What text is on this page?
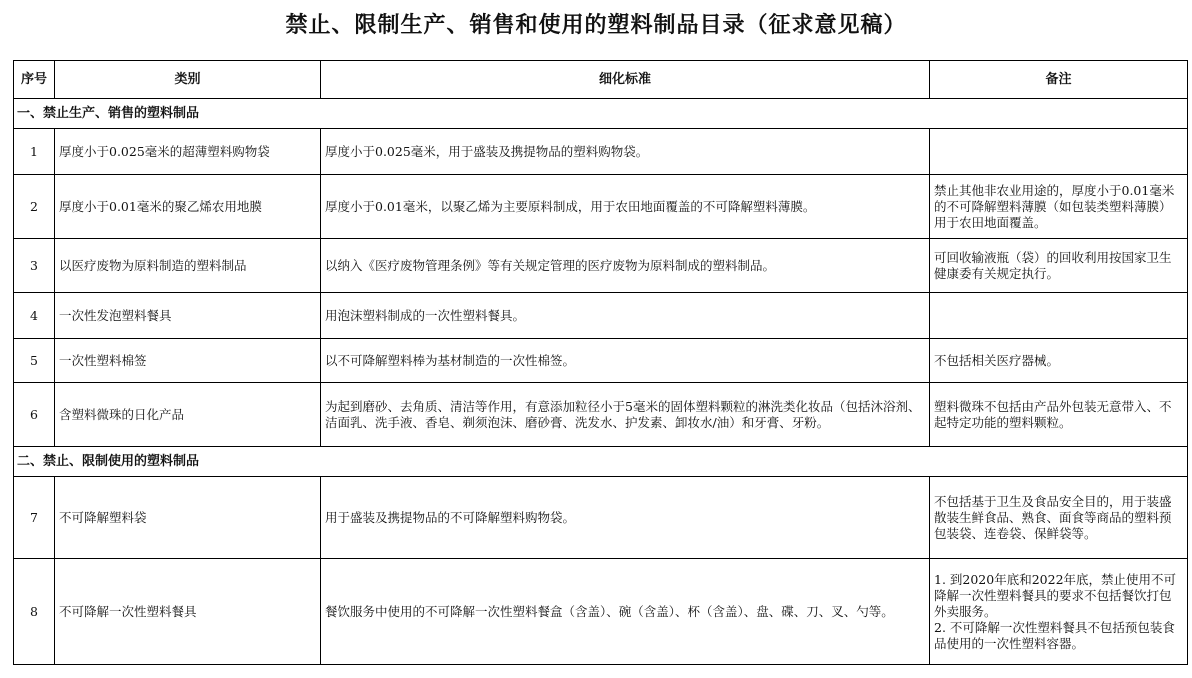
禁止、限制生产、销售和使用的塑料制品目录（征求意见稿）
序号	类别	细化标准	备注
一、禁止生产、销售的塑料制品			
1	厚度小于0.025毫米的超薄塑料购物袋	厚度小于0.025毫米，用于盛装及携提物品的塑料购物袋。	
2	厚度小于0.01毫米的聚乙烯农用地膜	厚度小于0.01毫米，以聚乙烯为主要原料制成，用于农田地面覆盖的不可降解塑料薄膜。	禁止其他非农业用途的，厚度小于0.01毫米的不可降解塑料薄膜（如包装类塑料薄膜）用于农田地面覆盖。
3	以医疗废物为原料制造的塑料制品	以纳入《医疗废物管理条例》等有关规定管理的医疗废物为原料制成的塑料制品。	可回收输液瓶（袋）的回收利用按国家卫生健康委有关规定执行。
4	一次性发泡塑料餐具	用泡沫塑料制成的一次性塑料餐具。	
5	一次性塑料棉签	以不可降解塑料棒为基材制造的一次性棉签。	不包括相关医疗器械。
6	含塑料微珠的日化产品	为起到磨砂、去角质、清洁等作用，有意添加粒径小于5毫米的固体塑料颗粒的淋洗类化妆品（包括沐浴剂、洁面乳、洗手液、香皂、剃须泡沫、磨砂膏、洗发水、护发素、卸妆水/油）和牙膏、牙粉。	塑料微珠不包括由产品外包装无意带入、不起特定功能的塑料颗粒。
二、禁止、限制使用的塑料制品			
7	不可降解塑料袋	用于盛装及携提物品的不可降解塑料购物袋。	不包括基于卫生及食品安全目的，用于装盛散装生鲜食品、熟食、面食等商品的塑料预包装袋、连卷袋、保鲜袋等。
8	不可降解一次性塑料餐具	餐饮服务中使用的不可降解一次性塑料餐盒（含盖）、碗（含盖）、杯（含盖）、盘、碟、刀、叉、勺等。	1. 到2020年底和2022年底，禁止使用不可降解一次性塑料餐具的要求不包括餐饮打包外卖服务。
2. 不可降解一次性塑料餐具不包括预包装食品使用的一次性塑料容器。
